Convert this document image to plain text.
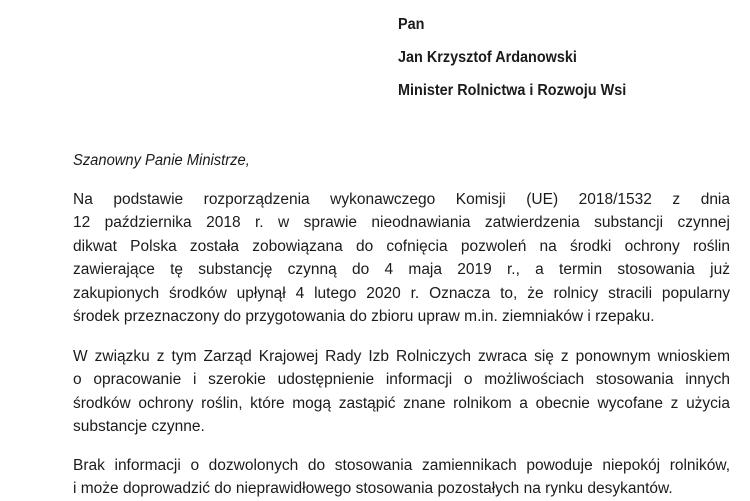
Pan
Jan Krzysztof Ardanowski
Minister Rolnictwa i Rozwoju Wsi
Szanowny Panie Ministrze,
Na podstawie rozporządzenia wykonawczego Komisji (UE) 2018/1532 z dnia
12 października 2018 r. w sprawie nieodnawiania zatwierdzenia substancji czynnej
dikwat Polska została zobowiązana do cofnięcia pozwoleń na środki ochrony roślin
zawierające tę substancję czynną do 4 maja 2019 r., a termin stosowania już
zakupionych środków upłynął 4 lutego 2020 r. Oznacza to, że rolnicy stracili popularny
środek przeznaczony do przygotowania do zbioru upraw m.in. ziemniaków i rzepaku.
W związku z tym Zarząd Krajowej Rady Izb Rolniczych zwraca się z ponownym wnioskiem
o opracowanie i szerokie udostępnienie informacji o możliwościach stosowania innych
środków ochrony roślin, które mogą zastąpić znane rolnikom a obecnie wycofane z użycia
substancje czynne.
Brak informacji o dozwolonych do stosowania zamiennikach powoduje niepokój rolników,
i może doprowadzić do nieprawidłowego stosowania pozostałych na rynku desykantów.
